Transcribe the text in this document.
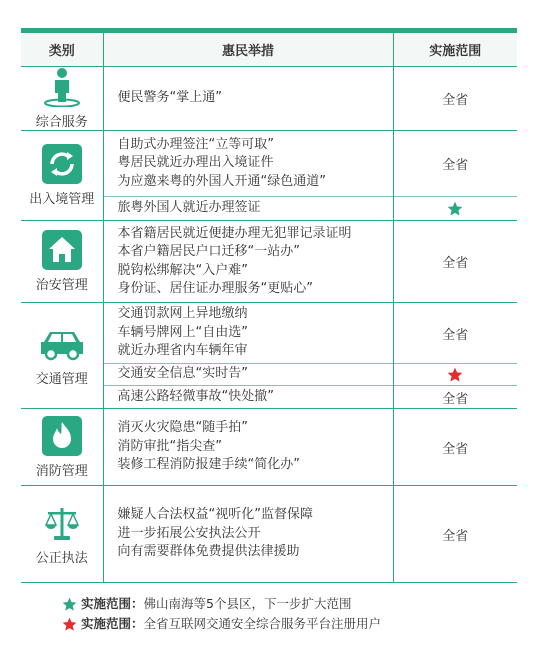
类别	惠民举措	实施范围

综合服务	便民警务“掌上通”	全省

出入境管理	自助式办理签注“立等可取”
粤居民就近办理出入境证件
为应邀来粤的外国人开通“绿色通道”	全省

	旅粤外国人就近办理签证

治安管理	本省籍居民就近便捷办理无犯罪记录证明
本省户籍居民户口迁移“一站办”
脱钩松绑解决“入户难”
身份证、居住证办理服务“更贴心”	全省

交通管理	交通罚款网上异地缴纳
车辆号牌网上“自由选”
就近办理省内车辆年审	全省

	交通安全信息“实时告”

	高速公路轻微事故“快处撤”	全省

消防管理	消灭火灾隐患“随手拍”
消防审批“指尖查”
装修工程消防报建手续“简化办”	全省

公正执法	嫌疑人合法权益“视听化”监督保障
进一步拓展公安执法公开
向有需要群体免费提供法律援助	全省
实施范围：佛山南海等5个县区，下一步扩大范围
实施范围：全省互联网交通安全综合服务平台注册用户
